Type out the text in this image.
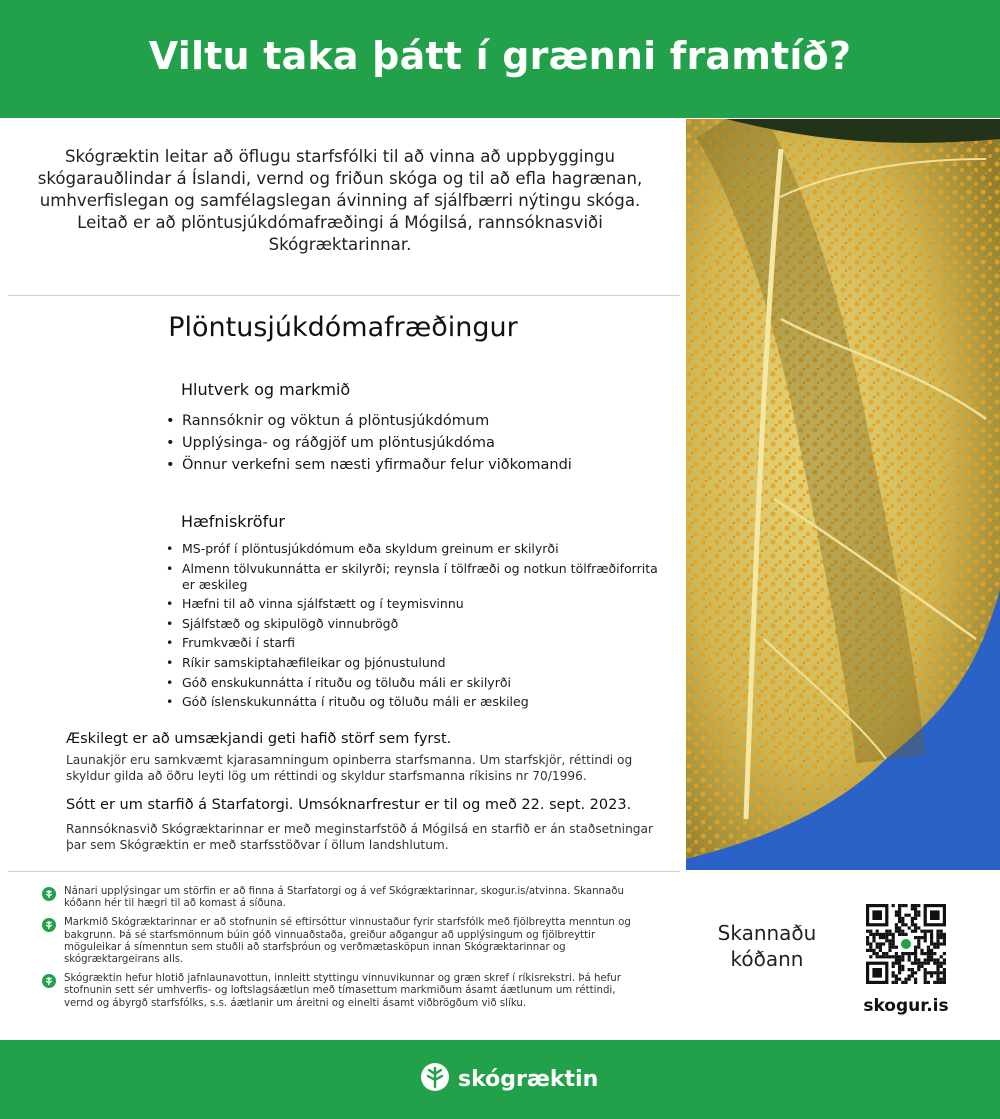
Viltu taka þátt í grænni framtíð?
Skógræktin leitar að öflugu starfsfólki til að vinna að uppbyggingu skógarauðlindar á Íslandi, vernd og friðun skóga og til að efla hagrænan, umhverfislegan og samfélagslegan ávinning af sjálfbærri nýtingu skóga. Leitað er að plöntusjúkdómafræðingi á Mógilsá, rannsóknasviði Skógræktarinnar.
Plöntusjúkdómafræðingur
Hlutverk og markmið
• Rannsóknir og vöktun á plöntusjúkdómum
• Upplýsinga- og ráðgjöf um plöntusjúkdóma
• Önnur verkefni sem næsti yfirmaður felur viðkomandi
Hæfniskröfur
• MS-próf í plöntusjúkdómum eða skyldum greinum er skilyrði
• Almenn tölvukunnátta er skilyrði; reynsla í tölfræði og notkun tölfræðiforrita er æskileg
• Hæfni til að vinna sjálfstætt og í teymisvinnu
• Sjálfstæð og skipulögð vinnubrögð
• Frumkvæði í starfi
• Ríkir samskiptahæfileikar og þjónustulund
• Góð enskukunnátta í rituðu og töluðu máli er skilyrði
• Góð íslenskukunnátta í rituðu og töluðu máli er æskileg
Æskilegt er að umsækjandi geti hafið störf sem fyrst.
Launakjör eru samkvæmt kjarasamningum opinberra starfsmanna. Um starfskjör, réttindi og skyldur gilda að öðru leyti lög um réttindi og skyldur starfsmanna ríkisins nr 70/1996.
Sótt er um starfið á Starfatorgi. Umsóknarfrestur er til og með 22. sept. 2023.
Rannsóknasvið Skógræktarinnar er með meginstarfstöð á Mógilsá en starfið er án staðsetningar þar sem Skógræktin er með starfsstöðvar í öllum landshlutum.
Nánari upplýsingar um störfin er að finna á Starfatorgi og á vef Skógræktarinnar, skogur.is/atvinna. Skannaðu kóðann hér til hægri til að komast á síðuna.
Markmið Skógræktarinnar er að stofnunin sé eftirsóttur vinnustaður fyrir starfsfólk með fjölbreytta menntun og bakgrunn. Þá sé starfsmönnum búin góð vinnuaðstaða, greiður aðgangur að upplýsingum og fjölbreyttir möguleikar á símenntun sem stuðli að starfsþróun og verðmætasköpun innan Skógræktarinnar og skógræktargeirans alls.
Skógræktin hefur hlotið jafnlaunavottun, innleitt styttingu vinnuvikunnar og græn skref í ríkisrekstri. Þá hefur stofnunin sett sér umhverfis- og loftslagsáætlun með tímasettum markmiðum ásamt áætlunum um réttindi, vernd og ábyrgð starfsfólks, s.s. áætlanir um áreitni og einelti ásamt viðbrögðum við slíku.
Skannaðu kóðann
skogur.is
skógræktin
